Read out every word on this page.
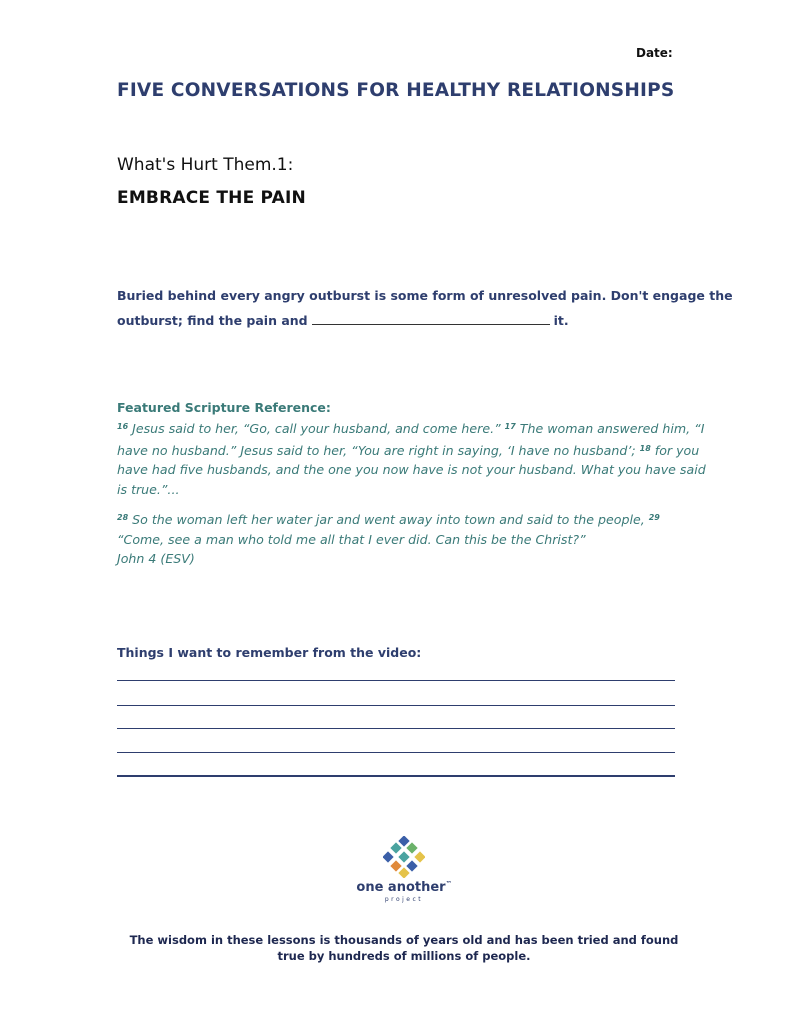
Date:
FIVE CONVERSATIONS FOR HEALTHY RELATIONSHIPS
What's Hurt Them.1:
EMBRACE THE PAIN
Buried behind every angry outburst is some form of unresolved pain. Don't engage the
outburst; find the pain and	it.
Featured Scripture Reference:
$^{16}$ Jesus said to her, “Go, call your husband, and come here.” $^{17}$ The woman answered him, “I have no husband.” Jesus said to her, “You are right in saying, ‘I have no husband’; $^{18}$ for you have had five husbands, and the one you now have is not your husband. What you have said is true.”...
$^{28}$ So the woman left her water jar and went away into town and said to the people, $^{29}$ “Come, see a man who told me all that I ever did. Can this be the Christ?”
John 4 (ESV)
Things I want to remember from the video:
one another™
project
The wisdom in these lessons is thousands of years old and has been tried and found true by hundreds of millions of people.
